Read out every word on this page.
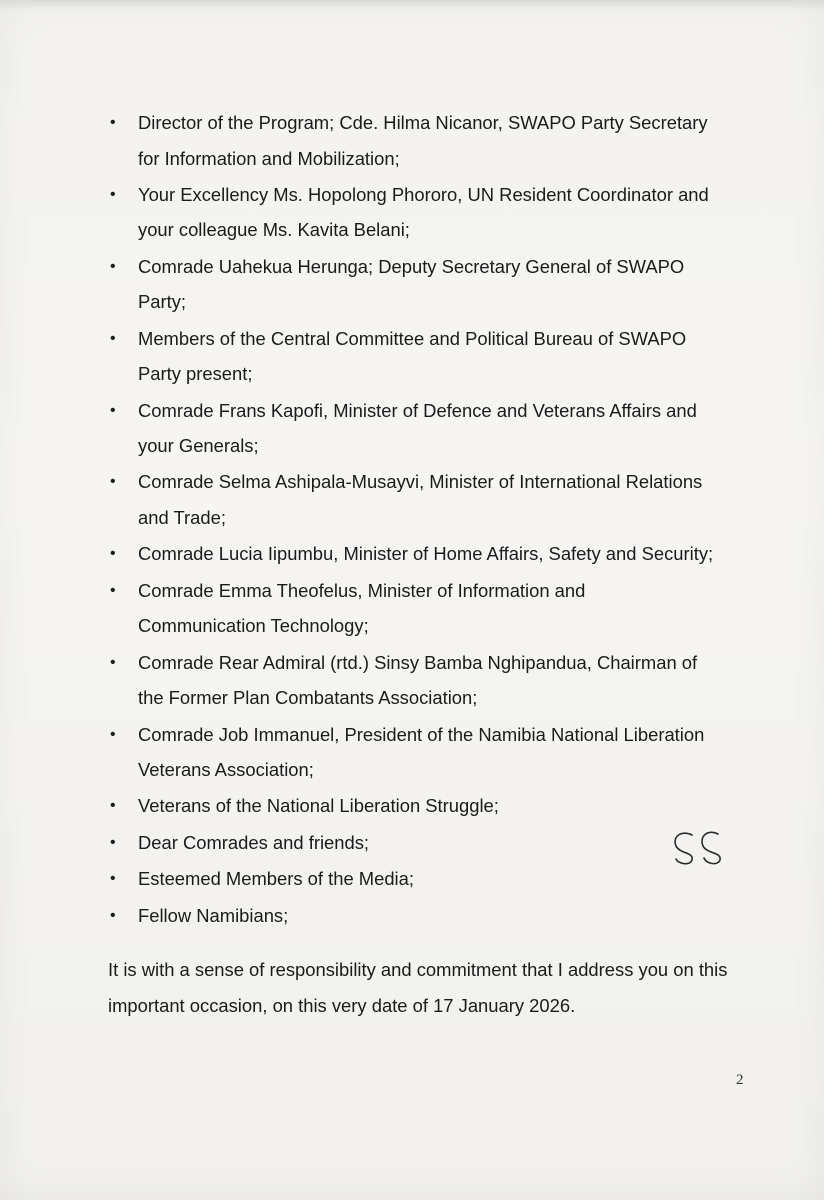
• Director of the Program; Cde. Hilma Nicanor, SWAPO Party Secretary
for Information and Mobilization;
• Your Excellency Ms. Hopolong Phororo, UN Resident Coordinator and
your colleague Ms. Kavita Belani;
• Comrade Uahekua Herunga; Deputy Secretary General of SWAPO
Party;
• Members of the Central Committee and Political Bureau of SWAPO
Party present;
• Comrade Frans Kapofi, Minister of Defence and Veterans Affairs and
your Generals;
• Comrade Selma Ashipala-Musayvi, Minister of International Relations
and Trade;
• Comrade Lucia Iipumbu, Minister of Home Affairs, Safety and Security;
• Comrade Emma Theofelus, Minister of Information and
Communication Technology;
• Comrade Rear Admiral (rtd.) Sinsy Bamba Nghipandua, Chairman of
the Former Plan Combatants Association;
• Comrade Job Immanuel, President of the Namibia National Liberation
Veterans Association;
• Veterans of the National Liberation Struggle;
• Dear Comrades and friends;
• Esteemed Members of the Media;
• Fellow Namibians;

It is with a sense of responsibility and commitment that I address you on this
important occasion, on this very date of 17 January 2026.

2
